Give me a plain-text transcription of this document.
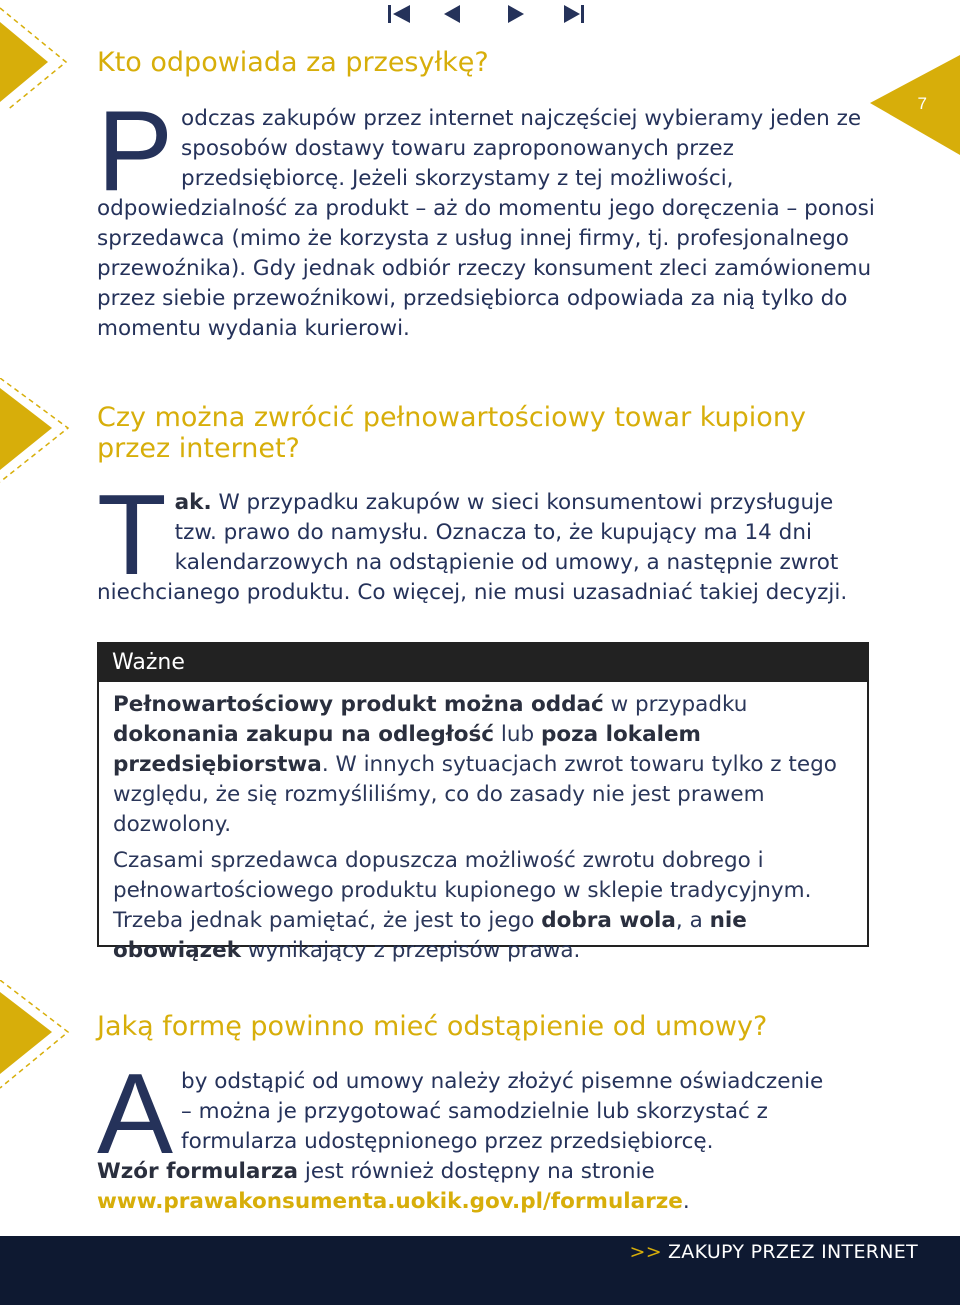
7
Kto odpowiada za przesyłkę?
Podczas zakupów przez internet najczęściej wybieramy jeden ze sposobów dostawy towaru zaproponowanych przez przedsiębiorcę. Jeżeli skorzystamy z tej możliwości, odpowiedzialność za produkt – aż do momentu jego doręczenia – ponosi sprzedawca (mimo że korzysta z usług innej firmy, tj. profesjonalnego przewoźnika). Gdy jednak odbiór rzeczy konsument zleci zamówionemu przez siebie przewoźnikowi, przedsiębiorca odpowiada za nią tylko do momentu wydania kurierowi.
Czy można zwrócić pełnowartościowy towar kupiony przez internet?
Tak. W przypadku zakupów w sieci konsumentowi przysługuje tzw. prawo do namysłu. Oznacza to, że kupujący ma 14 dni kalendarzowych na odstąpienie od umowy, a następnie zwrot niechcianego produktu. Co więcej, nie musi uzasadniać takiej decyzji.
Ważne

Pełnowartościowy produkt można oddać w przypadku dokonania zakupu na odległość lub poza lokalem przedsiębiorstwa. W innych sytuacjach zwrot towaru tylko z tego względu, że się rozmyśliliśmy, co do zasady nie jest prawem dozwolony.

Czasami sprzedawca dopuszcza możliwość zwrotu dobrego i pełnowartościowego produktu kupionego w sklepie tradycyjnym. Trzeba jednak pamiętać, że jest to jego dobra wola, a nie obowiązek wynikający z przepisów prawa.

Jaką formę powinno mieć odstąpienie od umowy?
Aby odstąpić od umowy należy złożyć pisemne oświadczenie – można je przygotować samodzielnie lub skorzystać z formularza udostępnionego przez przedsiębiorcę.
Wzór formularza jest również dostępny na stronie www.prawakonsumenta.uokik.gov.pl/formularze.
>> ZAKUPY PRZEZ INTERNET
